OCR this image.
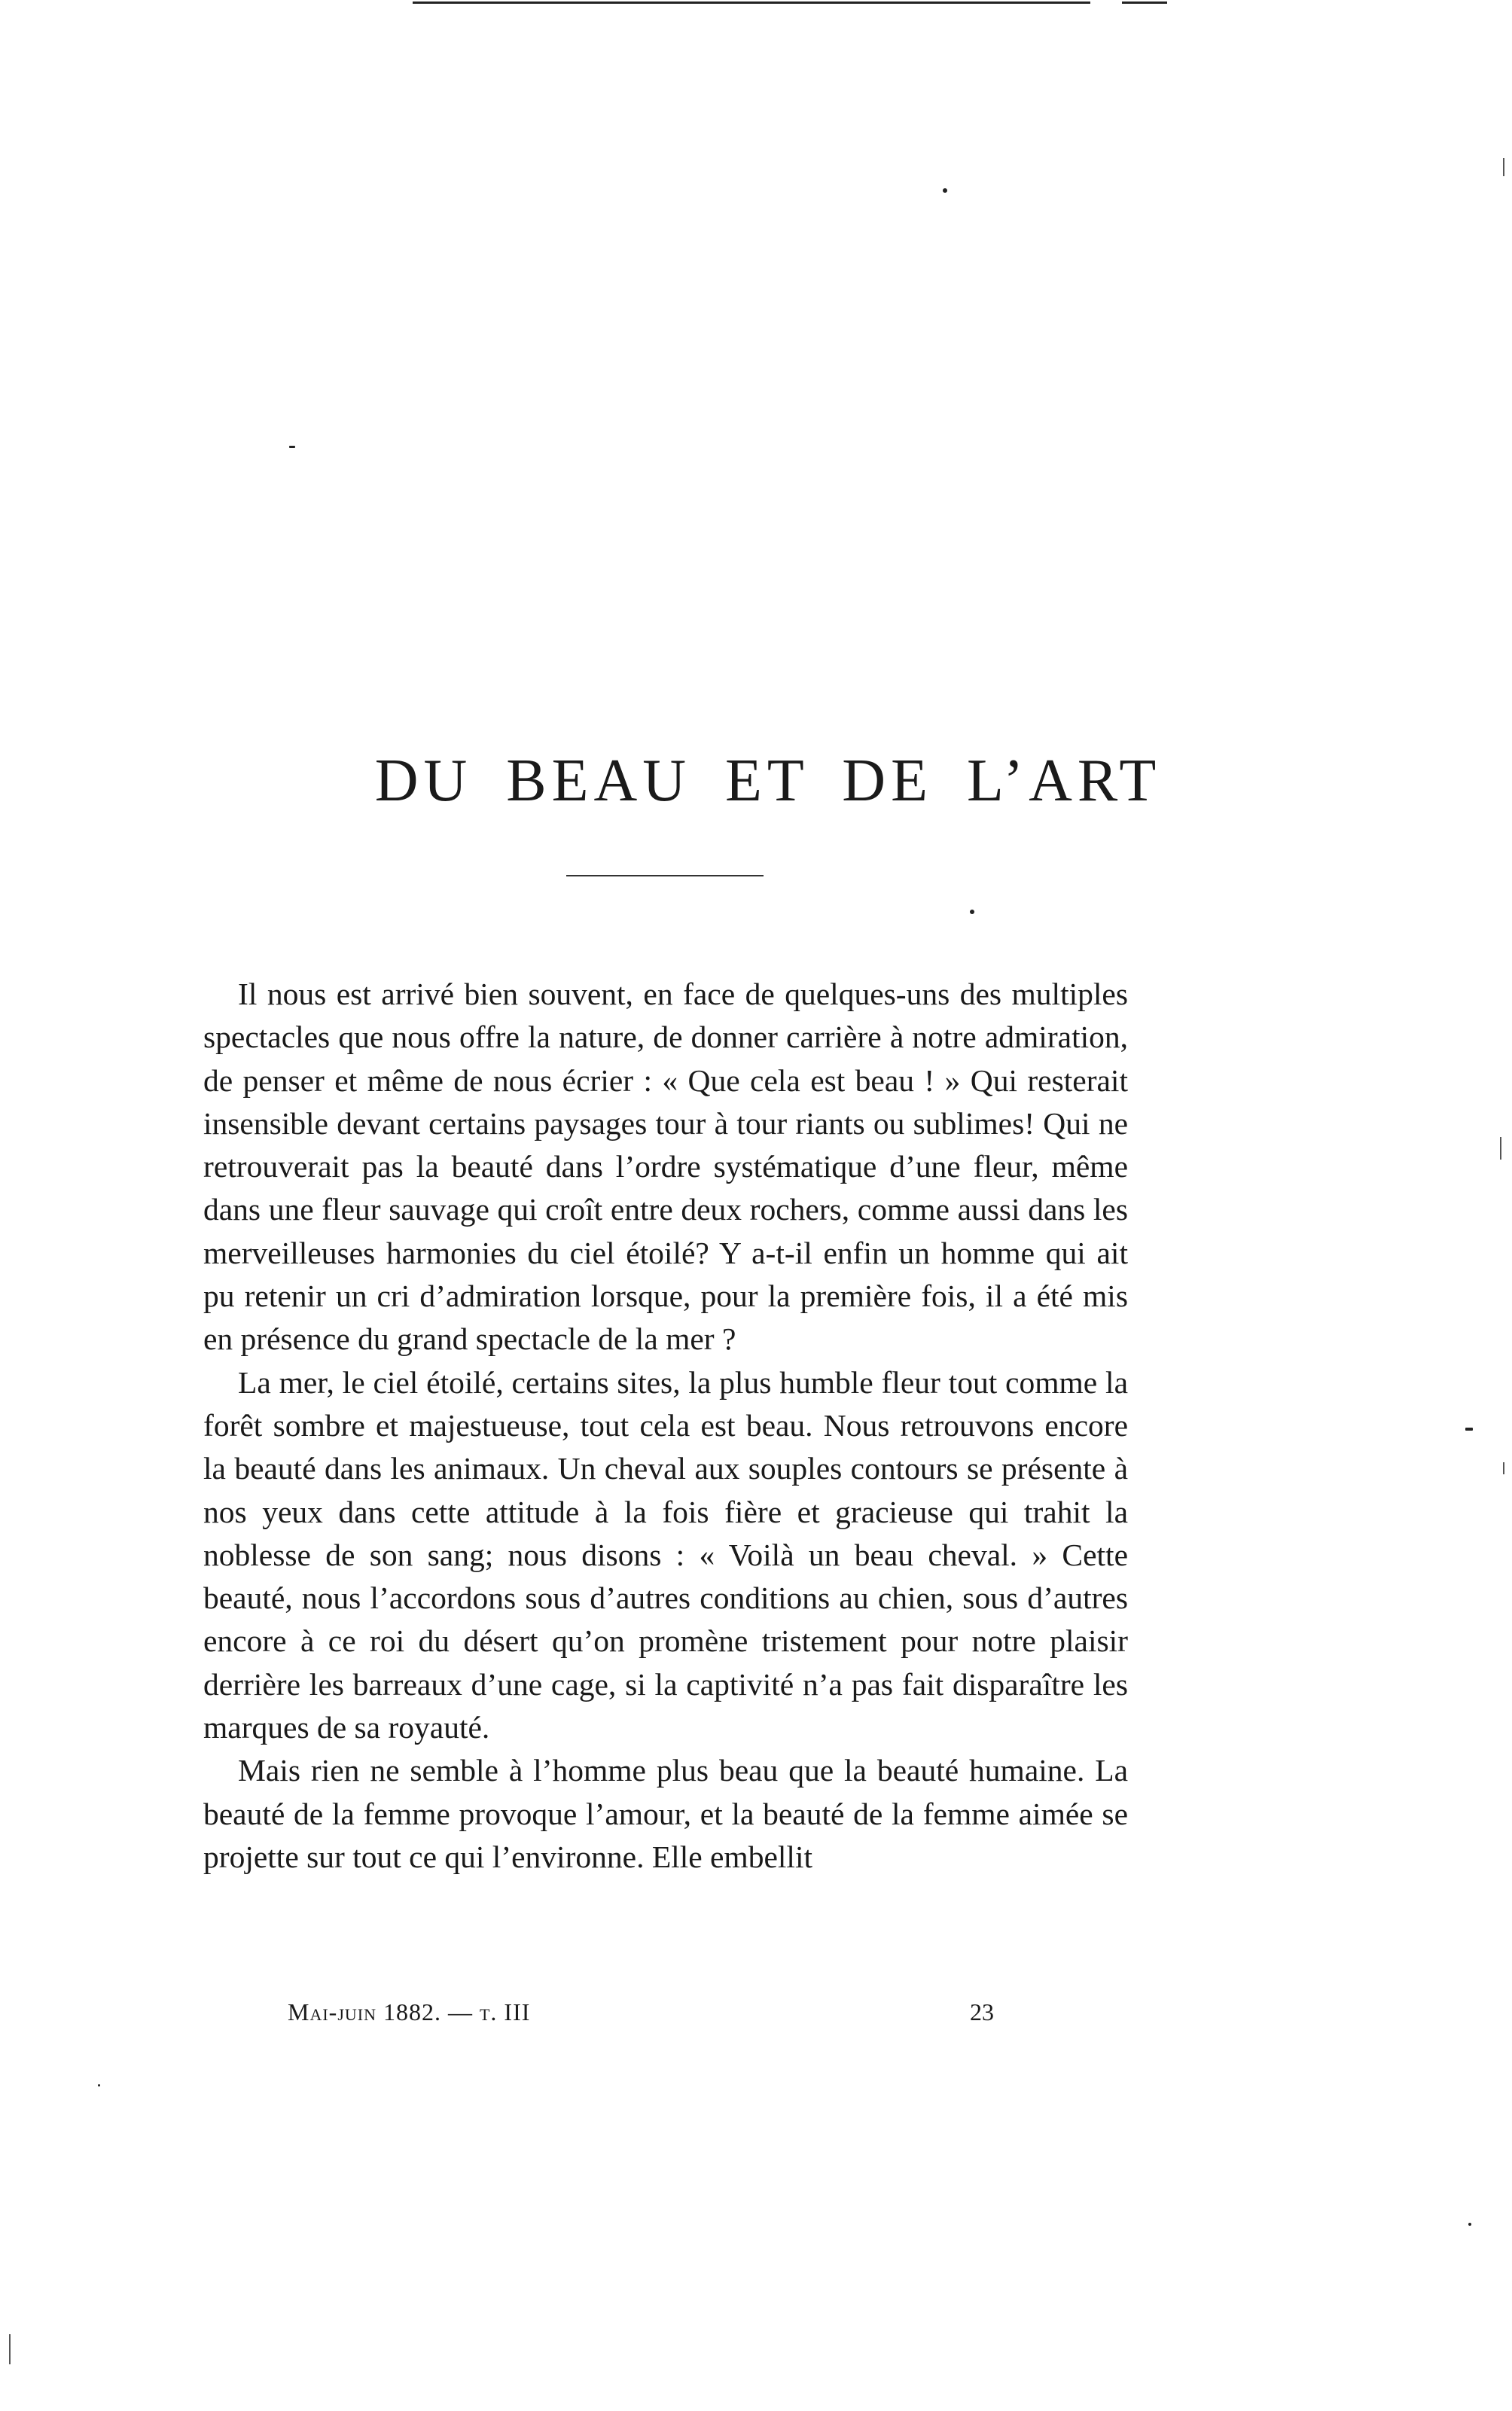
DU BEAU ET DE L’ART

Il nous est arrivé bien souvent, en face de quelques-uns des multiples spectacles que nous offre la nature, de donner carrière à notre admiration, de penser et même de nous écrier : « Que cela est beau ! » Qui resterait insensible devant certains paysages tour à tour riants ou sublimes! Qui ne retrouverait pas la beauté dans l’ordre systématique d’une fleur, même dans une fleur sauvage qui croît entre deux rochers, comme aussi dans les merveilleuses harmonies du ciel étoilé? Y a-t-il enfin un homme qui ait pu retenir un cri d’admiration lorsque, pour la première fois, il a été mis en présence du grand spectacle de la mer ?

La mer, le ciel étoilé, certains sites, la plus humble fleur tout comme la forêt sombre et majestueuse, tout cela est beau. Nous retrouvons encore la beauté dans les animaux. Un cheval aux souples contours se présente à nos yeux dans cette attitude à la fois fière et gracieuse qui trahit la noblesse de son sang; nous disons : « Voilà un beau cheval. » Cette beauté, nous l’accordons sous d’autres conditions au chien, sous d’autres encore à ce roi du désert qu’on promène tristement pour notre plaisir derrière les barreaux d’une cage, si la captivité n’a pas fait disparaître les marques de sa royauté.

Mais rien ne semble à l’homme plus beau que la beauté humaine. La beauté de la femme provoque l’amour, et la beauté de la femme aimée se projette sur tout ce qui l’environne. Elle embellit

Mai-juin 1882. — t. III	23
